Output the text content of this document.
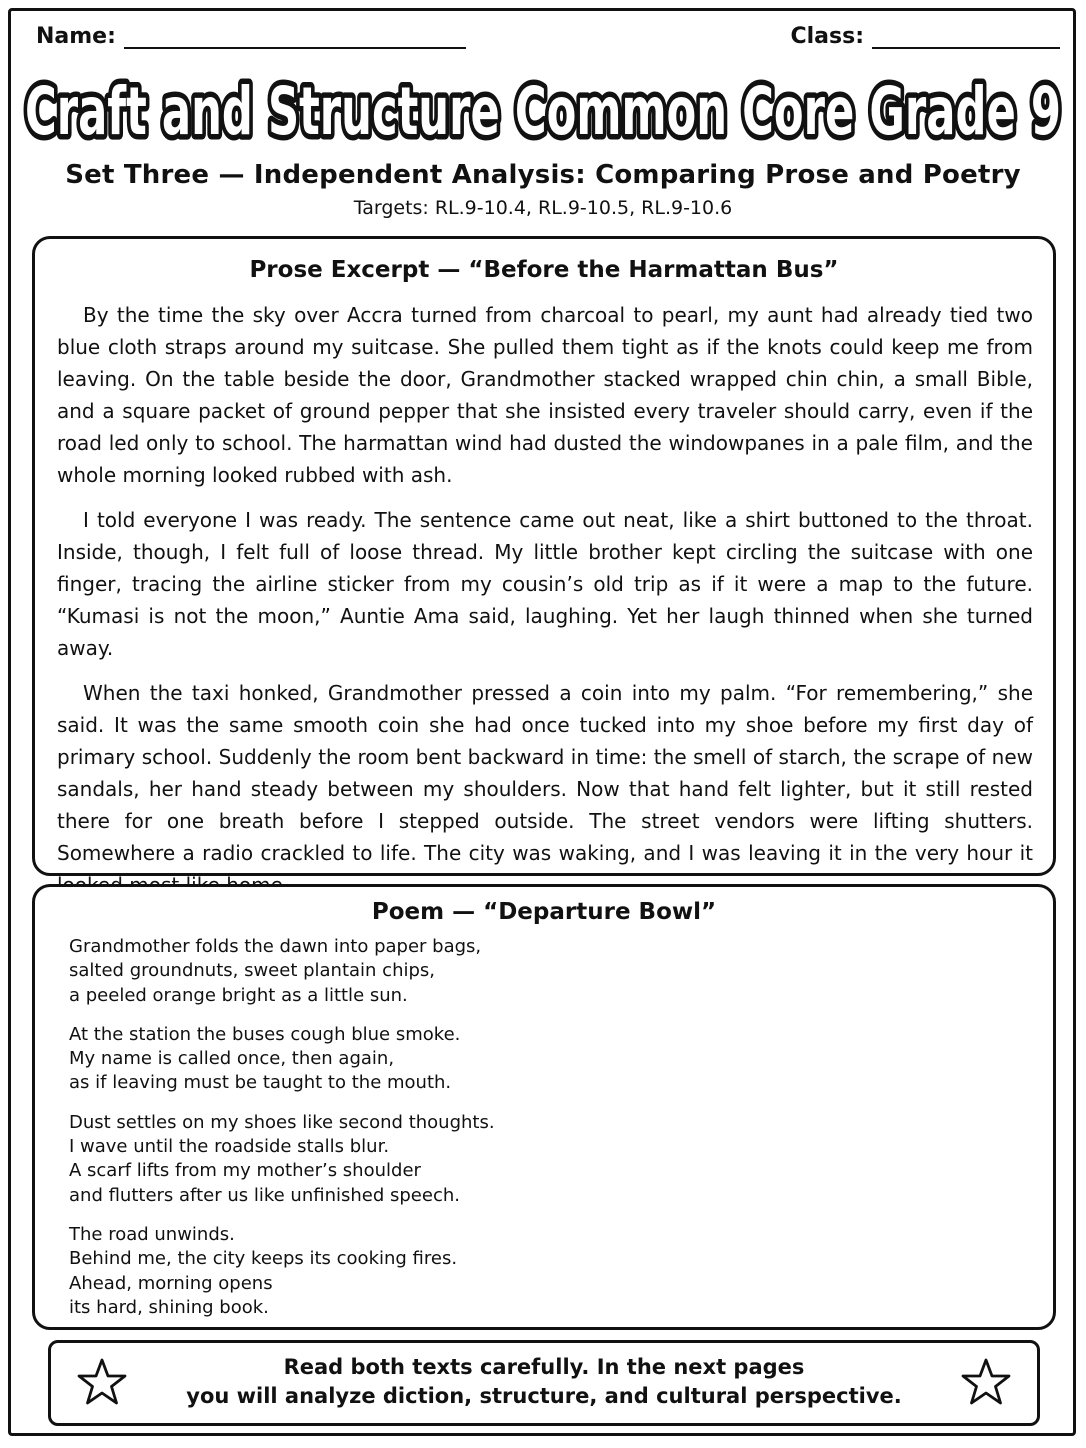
Name:	Class:
Craft and Structure Common Core Grade 9
Craft and Structure Common Core Grade 9
Set Three — Independent Analysis: Comparing Prose and Poetry
Targets: RL.9-10.4, RL.9-10.5, RL.9-10.6
Prose Excerpt — “Before the Harmattan Bus”

By the time the sky over Accra turned from charcoal to pearl, my aunt had already tied two blue cloth straps around my suitcase. She pulled them tight as if the knots could keep me from leaving. On the table beside the door, Grandmother stacked wrapped chin chin, a small Bible, and a square packet of ground pepper that she insisted every traveler should carry, even if the road led only to school. The harmattan wind had dusted the windowpanes in a pale film, and the whole morning looked rubbed with ash.

I told everyone I was ready. The sentence came out neat, like a shirt buttoned to the throat. Inside, though, I felt full of loose thread. My little brother kept circling the suitcase with one finger, tracing the airline sticker from my cousin’s old trip as if it were a map to the future. “Kumasi is not the moon,” Auntie Ama said, laughing. Yet her laugh thinned when she turned away.

When the taxi honked, Grandmother pressed a coin into my palm. “For remembering,” she said. It was the same smooth coin she had once tucked into my shoe before my first day of primary school. Suddenly the room bent backward in time: the smell of starch, the scrape of new sandals, her hand steady between my shoulders. Now that hand felt lighter, but it still rested there for one breath before I stepped outside. The street vendors were lifting shutters. Somewhere a radio crackled to life. The city was waking, and I was leaving it in the very hour it

Poem — “Departure Bowl”
Grandmother folds the dawn into paper bags,
salted groundnuts, sweet plantain chips,
a peeled orange bright as a little sun.
At the station the buses cough blue smoke.
My name is called once, then again,
as if leaving must be taught to the mouth.
Dust settles on my shoes like second thoughts.
I wave until the roadside stalls blur.
A scarf lifts from my mother’s shoulder
and flutters after us like unfinished speech.
The road unwinds.
Behind me, the city keeps its cooking fires.
Ahead, morning opens
its hard, shining book.
Read both texts carefully. In the next pages
you will analyze diction, structure, and cultural perspective.
